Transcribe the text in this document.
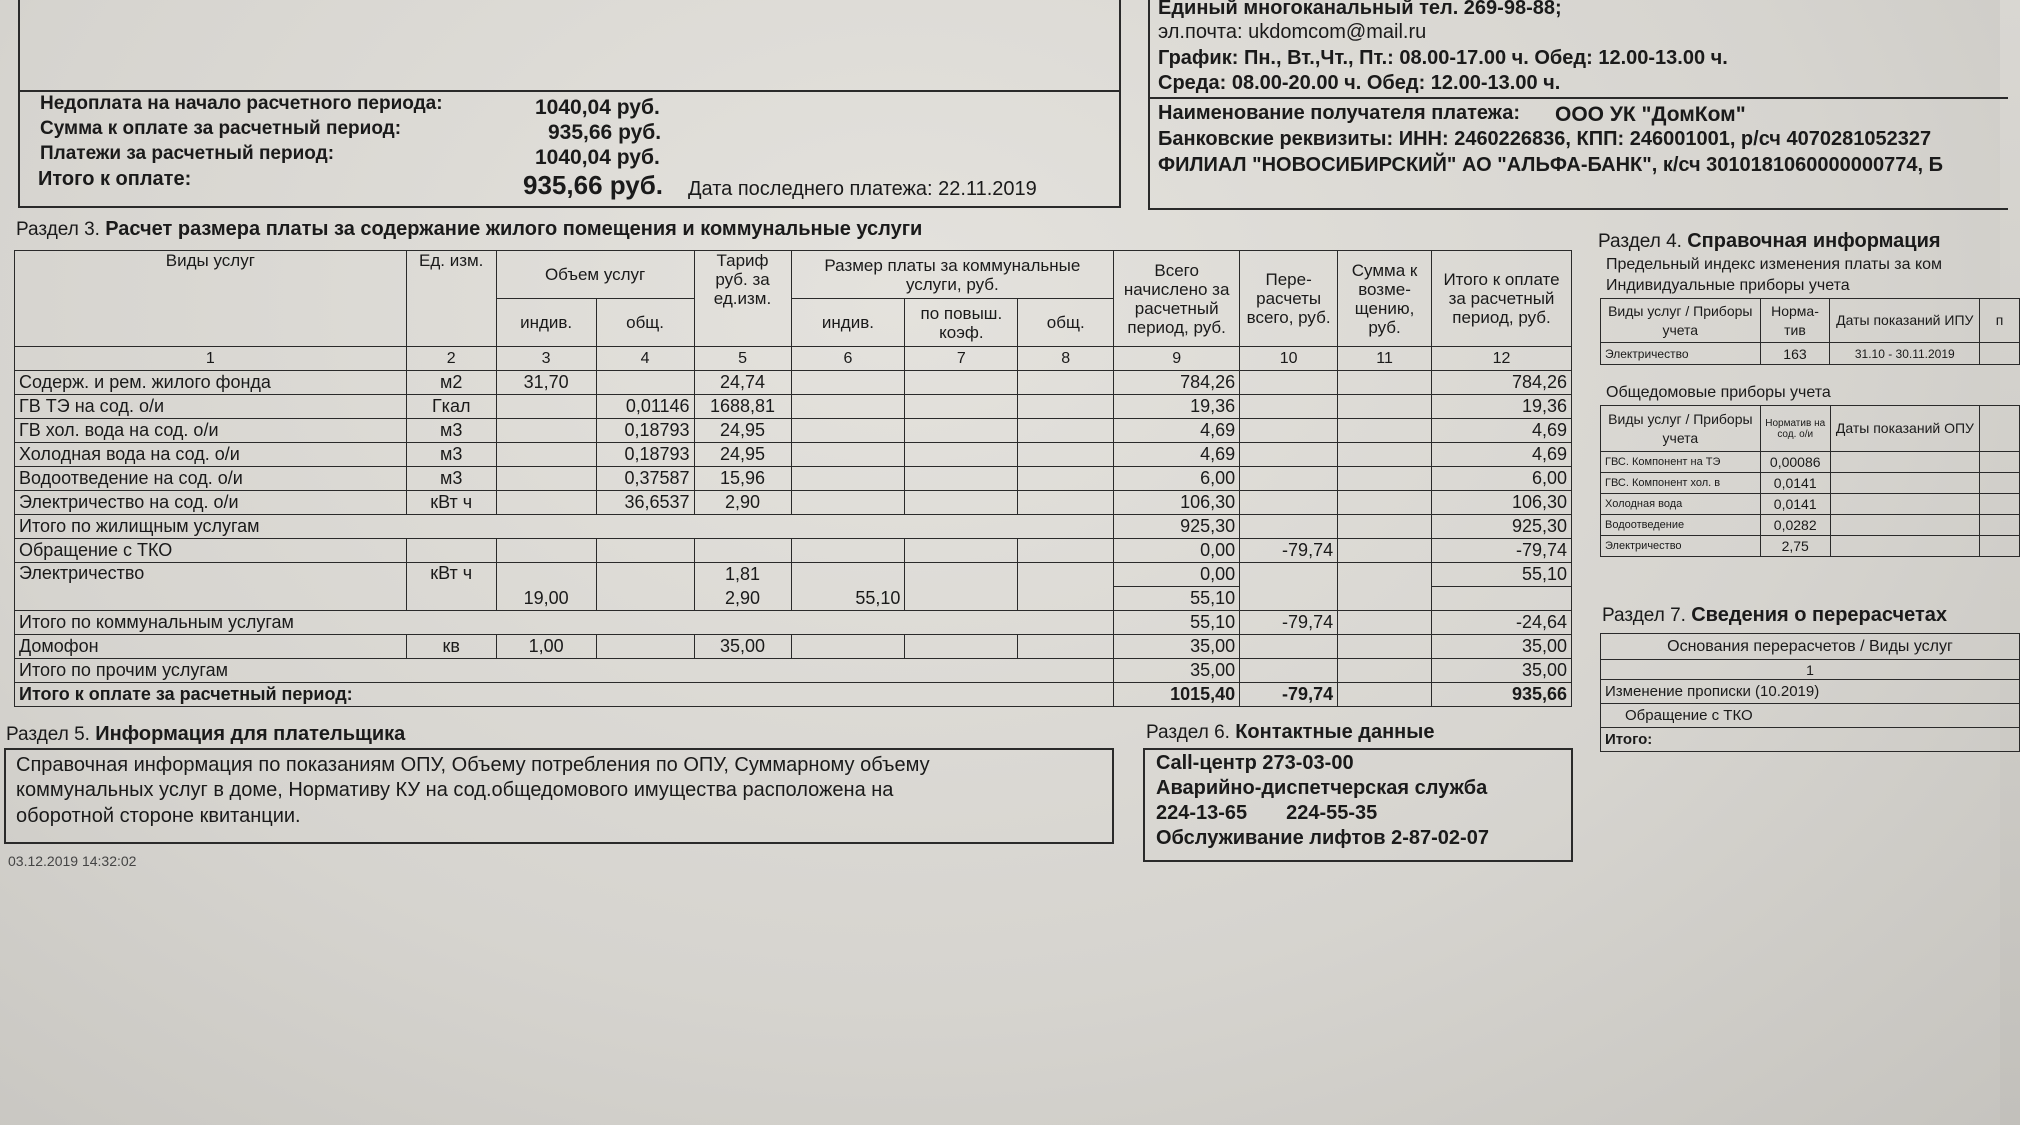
Недоплата на начало расчетного периода:	1040,04 руб.
Сумма к оплате за расчетный период:	935,66 руб.
Платежи за расчетный период:	1040,04 руб.
Итого к оплате:	935,66 руб. Дата последнего платежа: 22.11.2019
Единый многоканальный тел. 269-98-88;
эл.почта: ukdomcom@mail.ru
График: Пн., Вт.,Чт., Пт.: 08.00-17.00 ч. Обед: 12.00-13.00 ч.
Среда: 08.00-20.00 ч. Обед: 12.00-13.00 ч.
Наименование получателя платежа: ООО УК "ДомКом"
Банковские реквизиты: ИНН: 2460226836, КПП: 246001001, р/сч 4070281052327
ФИЛИАЛ "НОВОСИБИРСКИЙ" АО "АЛЬФА-БАНК", к/сч 3010181060000000774, Б
Раздел 3. Расчет размера платы за содержание жилого помещения и коммунальные услуги
Виды услуг	Ед. изм.	Объем услуг		Тариф руб. за ед.изм.	Размер платы за коммунальные услуги, руб.			Всего начислено за расчетный период, руб.	Пере- расчеты всего, руб.	Сумма к возме- щению, руб.	Итого к оплате за расчетный период, руб.
		индив.	общ.		индив.	по повыш. коэф.	общ.				
1	2	3	4	5	6	7	8	9	10	11	12
Содерж. и рем. жилого фонда	м2	31,70		24,74				784,26			784,26
ГВ ТЭ на сод. о/и	Гкал		0,01146	1688,81				19,36			19,36
ГВ хол. вода на сод. о/и	м3		0,18793	24,95				4,69			4,69
Холодная вода на сод. о/и	м3		0,18793	24,95				4,69			4,69
Водоотведение на сод. о/и	м3		0,37587	15,96				6,00			6,00
Электричество на сод. о/и	кВт ч		36,6537	2,90				106,30			106,30
Итого по жилищным услугам								925,30			925,30
Обращение с ТКО								0,00	-79,74		-79,74
Электричество	кВт ч			1,81				0,00			55,10
		19,00		2,90	55,10			55,10			
Итого по коммунальным услугам								55,10	-79,74		-24,64
Домофон	кв	1,00		35,00				35,00			35,00
Итого по прочим услугам								35,00			35,00
Итого к оплате за расчетный период:								1015,40	-79,74		935,66
Раздел 4. Справочная информация
Предельный индекс изменения платы за ком
Индивидуальные приборы учета
Виды услуг / Приборы учета	Норма- тив	Даты показаний ИПУ	п
Электричество	163	31.10 - 30.11.2019	
Общедомовые приборы учета
Виды услуг / Приборы учета	Норматив на сод. о/и	Даты показаний ОПУ	
ГВС. Компонент на ТЭ	0,00086		
ГВС. Компонент хол. в	0,0141		
Холодная вода	0,0141		
Водоотведение	0,0282		
Электричество	2,75		
Раздел 7. Сведения о перерасчетах
Основания перерасчетов / Виды услуг
1
Изменение прописки (10.2019)
Обращение с ТКО
Итого:
Раздел 5. Информация для плательщика
Справочная информация по показаниям ОПУ, Объему потребления по ОПУ, Суммарному объему
коммунальных услуг в доме, Нормативу КУ на сод.общедомового имущества расположена на
оборотной стороне квитанции.
Раздел 6. Контактные данные
Call-центр 273-03-00
Аварийно-диспетчерская служба
224-13-65       224-55-35
Обслуживание лифтов 2-87-02-07
03.12.2019 14:32:02
